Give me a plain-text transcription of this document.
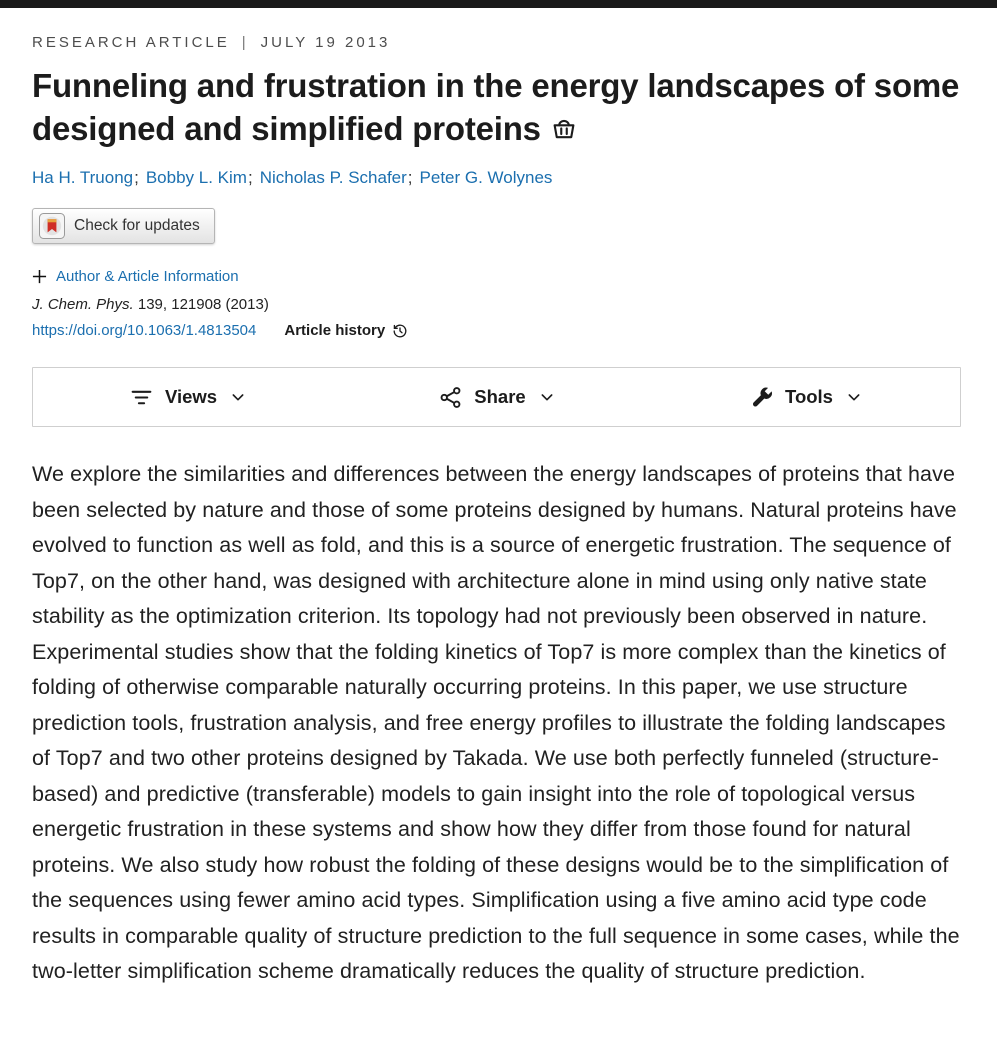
RESEARCH ARTICLE | JULY 19 2013
Funneling and frustration in the energy landscapes of some designed and simplified proteins
Ha H. Truong; Bobby L. Kim; Nicholas P. Schafer; Peter G. Wolynes
Check for updates
Author & Article Information
J. Chem. Phys. 139, 121908 (2013)
https://doi.org/10.1063/1.4813504 Article history
Views	Share	Tools

We explore the similarities and differences between the energy landscapes of proteins that have been selected by nature and those of some proteins designed by humans. Natural proteins have evolved to function as well as fold, and this is a source of energetic frustration. The sequence of Top7, on the other hand, was designed with architecture alone in mind using only native state stability as the optimization criterion. Its topology had not previously been observed in nature. Experimental studies show that the folding kinetics of Top7 is more complex than the kinetics of folding of otherwise comparable naturally occurring proteins. In this paper, we use structure prediction tools, frustration analysis, and free energy profiles to illustrate the folding landscapes of Top7 and two other proteins designed by Takada. We use both perfectly funneled (structure-based) and predictive (transferable) models to gain insight into the role of topological versus energetic frustration in these systems and show how they differ from those found for natural proteins. We also study how robust the folding of these designs would be to the simplification of the sequences using fewer amino acid types. Simplification using a five amino acid type code results in comparable quality of structure prediction to the full sequence in some cases, while the two-letter simplification scheme dramatically reduces the quality of structure prediction.
